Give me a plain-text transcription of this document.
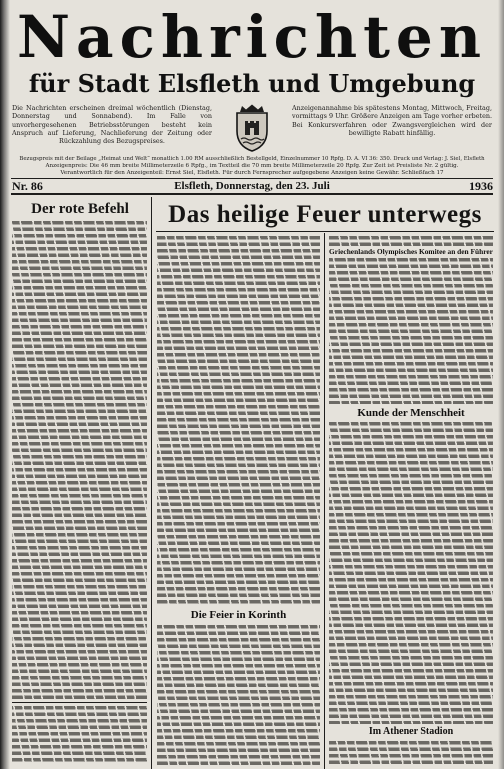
Nachrichten
für Stadt Elsfleth und Umgebung
Die Nachrichten erscheinen dreimal wöchentlich (Dienstag, Donnerstag und Sonnabend). Im Falle von unvorhergesehenen Betriebsstörungen besteht kein Anspruch auf Lieferung, Nachlieferung der Zeitung oder Rückzahlung des Bezugspreises.
Anzeigenannahme bis spätestens Montag, Mittwoch, Freitag, vormittags 9 Uhr. Größere Anzeigen am Tage vorher erbeten. Bei Konkursverfahren oder Zwangsvergleichen wird der bewilligte Rabatt hinfällig.
Bezugspreis mit der Beilage „Heimat und Welt“ monatlich 1.00 RM ausschließlich Bestellgeld, Einzelnummer 10 Rpfg. D. A. VI 36: 350. Druck und Verlag: J. Siel, Elsfleth
Anzeigenpreis: Die 46 mm breite Millimeterzeile 6 Rpfg., im Textteil die 70 mm breite Millimeterzeile 20 Rpfg. Zur Zeit ist Preisliste Nr. 2 gültig.
Verantwortlich für den Anzeigenteil: Ernst Siel, Elsfleth. Für durch Fernsprecher aufgegebene Anzeigen keine Gewähr. Schließfach 17
Nr. 86	Elsfleth, Donnerstag, den 23. Juli	1936
Der rote Befehl	Das heilige Feuer unterwegs
Die Feier in Korinth
Griechenlands Olympisches Komitee an den Führer
Kunde der Menschheit
Im Athener Stadion
